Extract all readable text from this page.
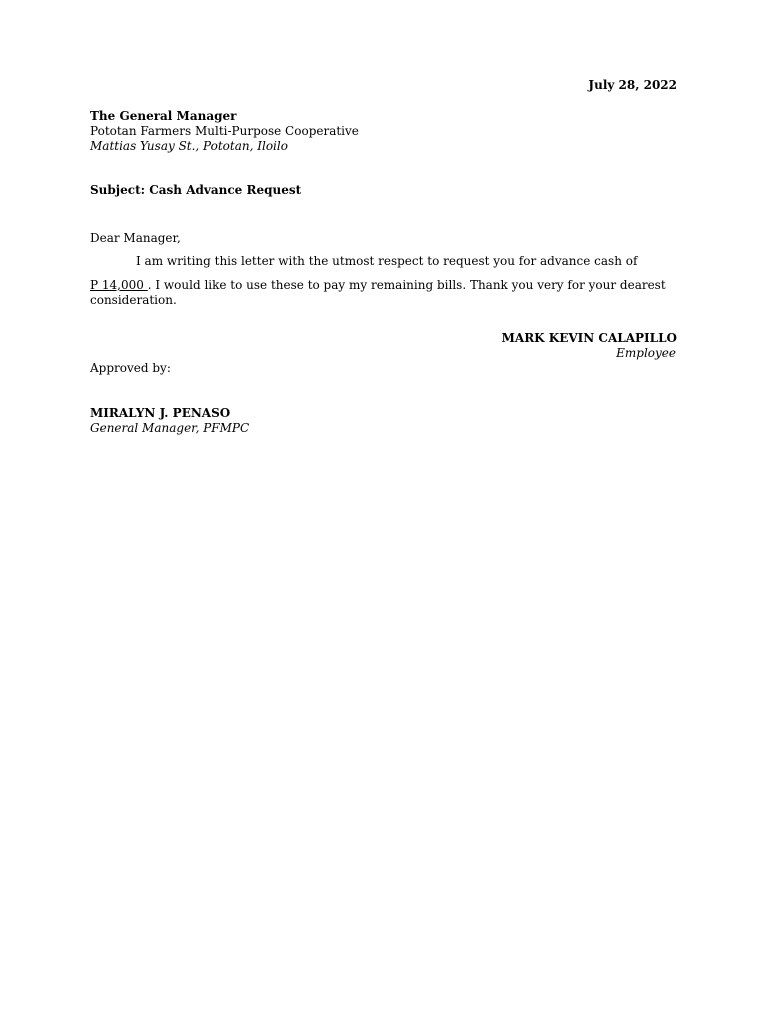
July 28, 2022
The General Manager
Pototan Farmers Multi-Purpose Cooperative
Mattias Yusay St., Pototan, Iloilo
Subject: Cash Advance Request
Dear Manager,
I am writing this letter with the utmost respect to request you for advance cash of
P 14,000 . I would like to use these to pay my remaining bills. Thank you very for your dearest
consideration.
MARK KEVIN CALAPILLO
Employee
Approved by:
MIRALYN J. PENASO
General Manager, PFMPC
